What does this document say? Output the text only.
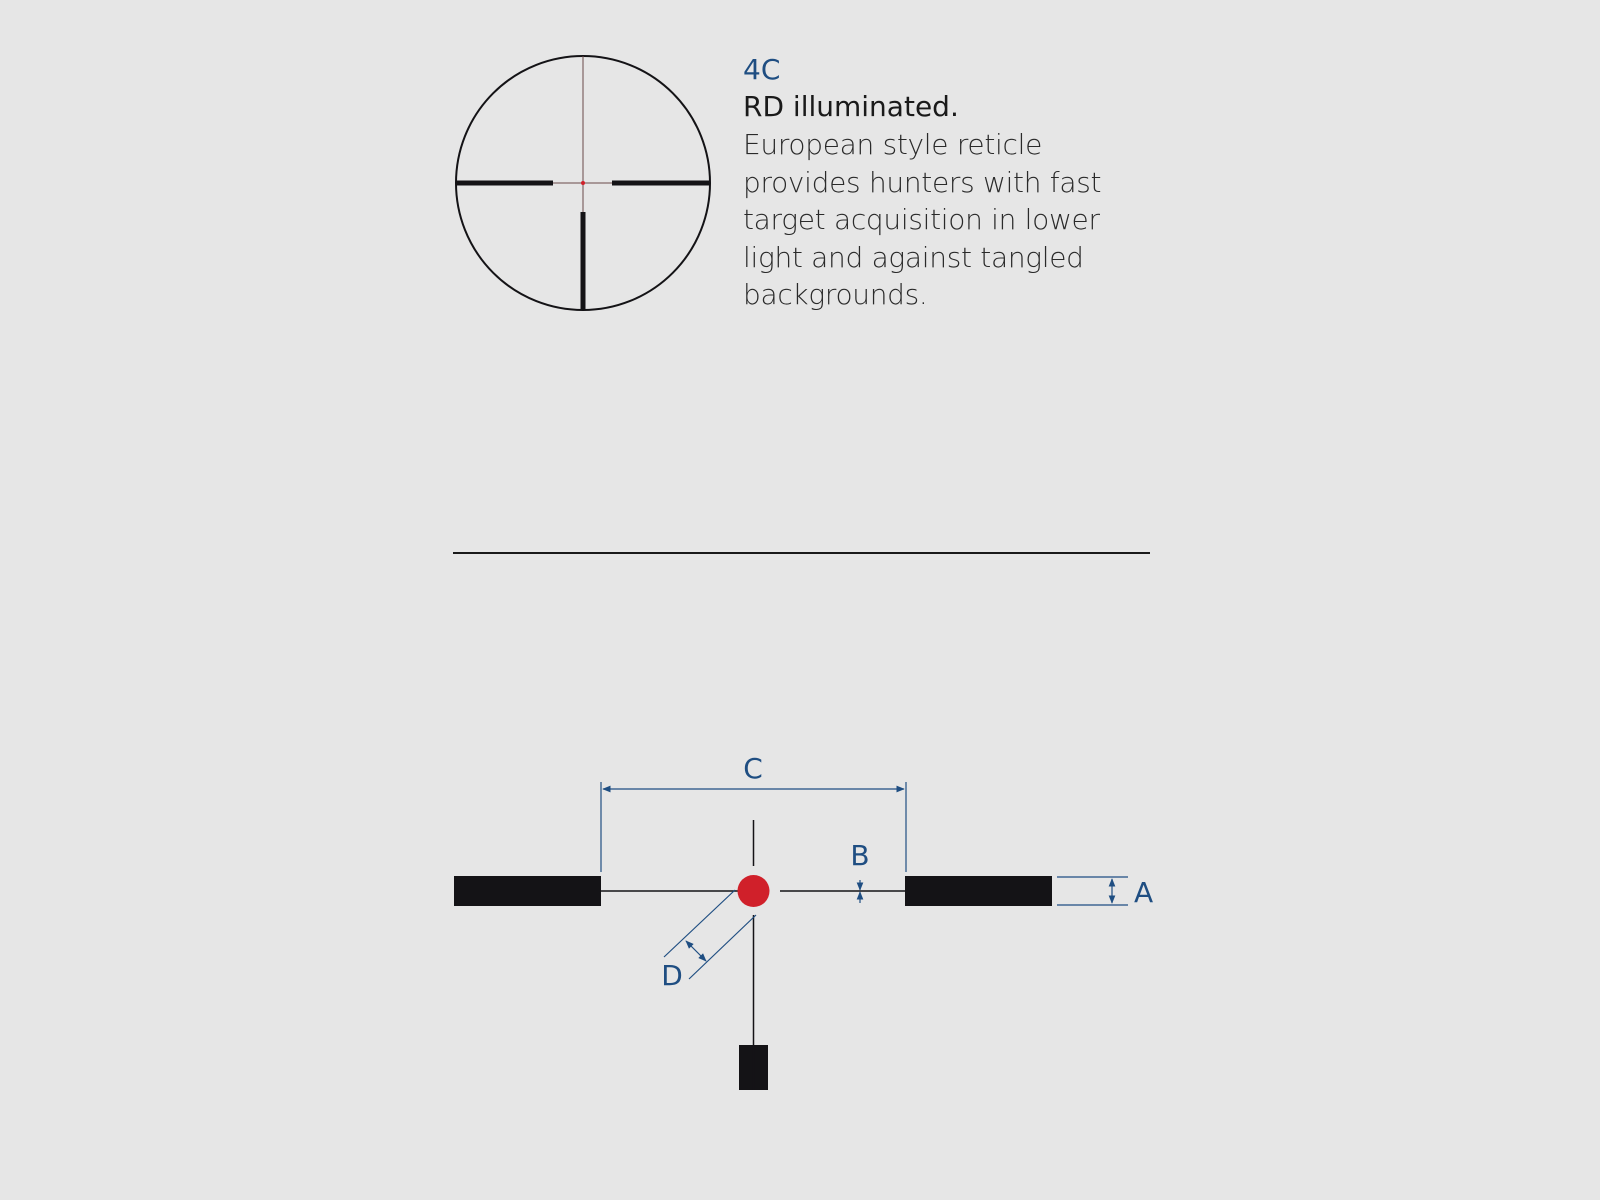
4C
RD illuminated.
European style reticle
provides hunters with fast
target acquisition in lower
light and against tangled
backgrounds.
C
B
A
D
